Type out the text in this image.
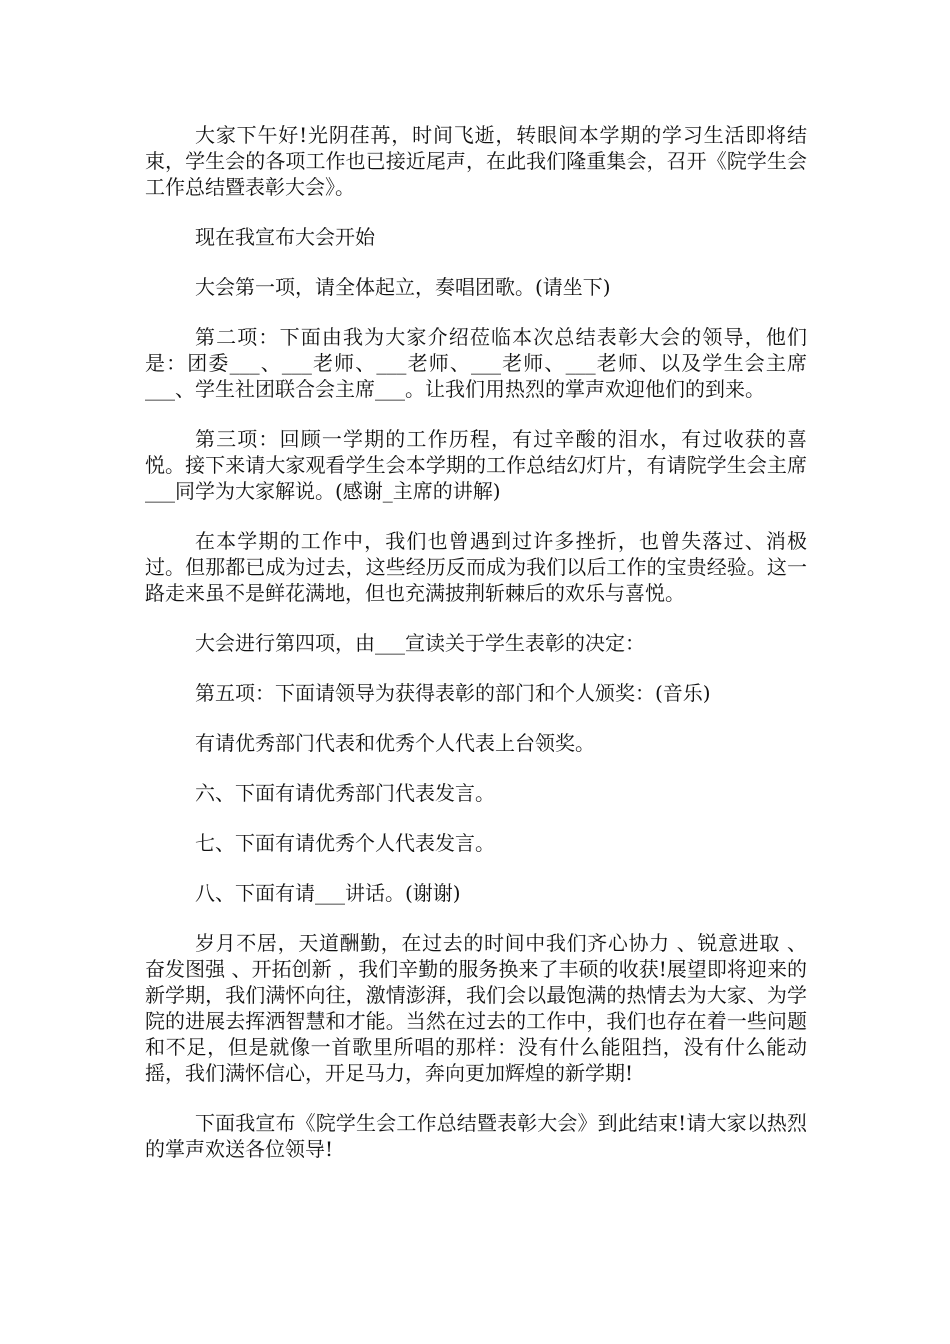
大家下午好!光阴荏苒，时间飞逝，转眼间本学期的学习生活即将结束，学生会的各项工作也已接近尾声，在此我们隆重集会，召开《院学生会工作总结暨表彰大会》。

现在我宣布大会开始

大会第一项，请全体起立，奏唱团歌。(请坐下)

第二项：下面由我为大家介绍莅临本次总结表彰大会的领导，他们是：团委___、___老师、___老师、___老师、___老师、以及学生会主席___、学生社团联合会主席___。让我们用热烈的掌声欢迎他们的到来。

第三项：回顾一学期的工作历程，有过辛酸的泪水，有过收获的喜悦。接下来请大家观看学生会本学期的工作总结幻灯片，有请院学生会主席___同学为大家解说。(感谢_主席的讲解)

在本学期的工作中，我们也曾遇到过许多挫折，也曾失落过、消极过。但那都已成为过去，这些经历反而成为我们以后工作的宝贵经验。这一路走来虽不是鲜花满地，但也充满披荆斩棘后的欢乐与喜悦。

大会进行第四项，由___宣读关于学生表彰的决定：

第五项：下面请领导为获得表彰的部门和个人颁奖：(音乐)

有请优秀部门代表和优秀个人代表上台领奖。

六、下面有请优秀部门代表发言。

七、下面有请优秀个人代表发言。

八、下面有请___讲话。(谢谢)

岁月不居，天道酬勤，在过去的时间中我们齐心协力 、锐意进取 、奋发图强 、开拓创新 ，我们辛勤的服务换来了丰硕的收获!展望即将迎来的新学期，我们满怀向往，激情澎湃，我们会以最饱满的热情去为大家、为学院的进展去挥洒智慧和才能。当然在过去的工作中，我们也存在着一些问题和不足，但是就像一首歌里所唱的那样：没有什么能阻挡，没有什么能动摇，我们满怀信心，开足马力，奔向更加辉煌的新学期!

下面我宣布《院学生会工作总结暨表彰大会》到此结束!请大家以热烈的掌声欢送各位领导!
